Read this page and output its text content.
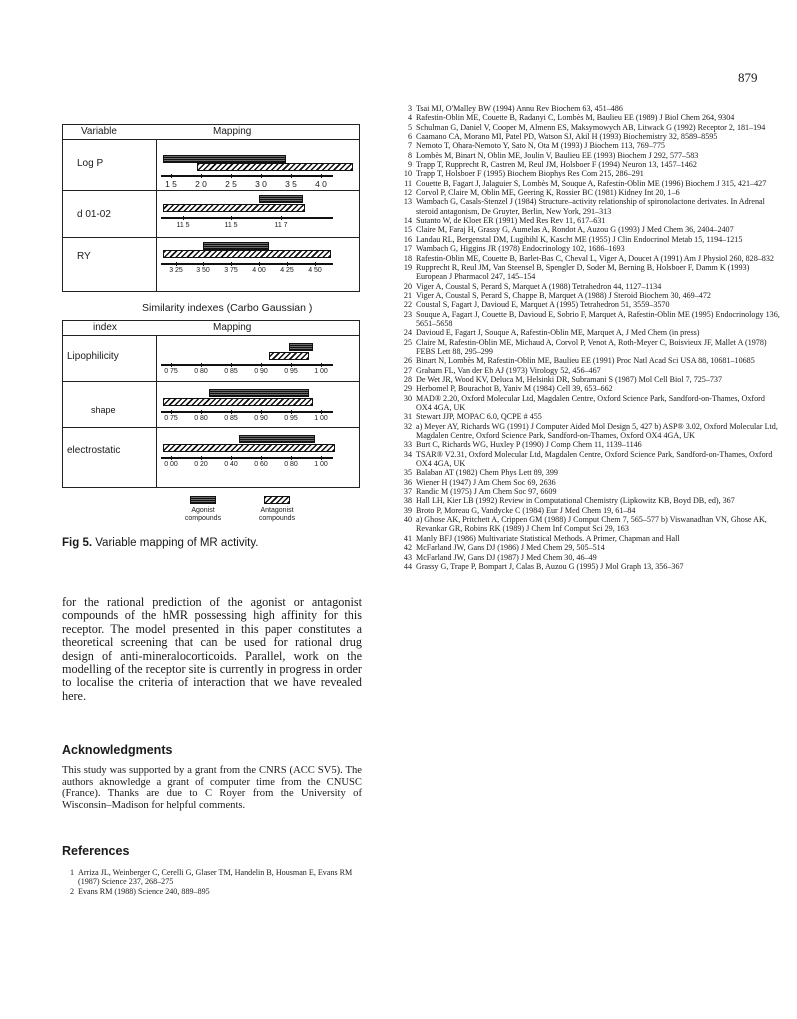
879
Variable	Mapping
Log P
1 5 2 0 2 5 3 0 3 5 4 0
d 01-02
11 5	11 5	11 7
RY
3 25 3 50 3 75 4 00 4 25 4 50
Similarity indexes (Carbo Gaussian )
index	Mapping
Lipophilicity
0 75 0 80 0 85 0 90 0 95 1 00
shape
0 75 0 80 0 85 0 90 0 95 1 00
electrostatic
0 00 0 20 0 40 0 60 0 80 1 00
Agonist compounds
Antagonist compounds
Fig 5. Variable mapping of MR activity.

for the rational prediction of the agonist or antagonist compounds of the hMR possessing high affinity for this receptor. The model presented in this paper constitutes a theoretical screening that can be used for rational drug design of anti-mineralocorticoids. Parallel, work on the modelling of the receptor site is currently in progress in order to localise the criteria of interaction that we have revealed here.

Acknowledgments
This study was supported by a grant from the CNRS (ACC SV5). The authors aknowledge a grant of computer time from the CNUSC (France). Thanks are due to C Royer from the University of Wisconsin–Madison for helpful comments.
References
1 Arriza JL, Weinberger C, Cerelli G, Glaser TM, Handelin B, Housman E, Evans RM (1987) Science 237, 268–275
2 Evans RM (1988) Science 240, 889–895
3 Tsai MJ, O'Malley BW (1994) Annu Rev Biochem 63, 451–486
4 Rafestin-Oblin ME, Couette B, Radanyi C, Lombès M, Baulieu EE (1989) J Biol Chem 264, 9304
5 Schulman G, Daniel V, Cooper M, Almenn ES, Maksymowych AB, Litwack G (1992) Receptor 2, 181–194
6 Caamano CA, Morano MI, Patel PD, Watson SJ, Akil H (1993) Biochemistry 32, 8589–8595
7 Nemoto T, Ohara-Nemoto Y, Sato N, Ota M (1993) J Biochem 113, 769–775
8 Lombès M, Binart N, Oblin ME, Joulin V, Baulieu EE (1993) Biochem J 292, 577–583
9 Trapp T, Rupprecht R, Castren M, Reul JM, Holsboer F (1994) Neuron 13, 1457–1462
10 Trapp T, Holsboer F (1995) Biochem Biophys Res Com 215, 286–291
11 Couette B, Fagart J, Jalaguier S, Lombès M, Souque A, Rafestin-Oblin ME (1996) Biochem J 315, 421–427
12 Corvol P, Claire M, Oblin ME, Geering K, Rossier BC (1981) Kidney Int 20, 1–6
13 Wambach G, Casals-Stenzel J (1984) Structure–activity relationship of spironolactone derivates. In Adrenal steroid antagonism, De Gruyter, Berlin, New York, 291–313
14 Sutanto W, de Kloet ER (1991) Med Res Rev 11, 617–631
15 Claire M, Faraj H, Grassy G, Aumelas A, Rondot A, Auzou G (1993) J Med Chem 36, 2404–2407
16 Landau RL, Bergenstal DM, Lugibihl K, Kascht ME (1955) J Clin Endocrinol Metab 15, 1194–1215
17 Wambach G, Higgins JR (1978) Endocrinology 102, 1686–1693
18 Rafestin-Oblin ME, Couette B, Barlet-Bas C, Cheval L, Viger A, Doucet A (1991) Am J Physiol 260, 828–832
19 Rupprecht R, Reul JM, Van Steensel B, Spengler D, Soder M, Berning B, Holsboer F, Damm K (1993) European J Pharmacol 247, 145–154
20 Viger A, Coustal S, Perard S, Marquet A (1988) Tetrahedron 44, 1127–1134
21 Viger A, Coustal S, Perard S, Chappe B, Marquet A (1988) J Steroid Biochem 30, 469–472
22 Coustal S, Fagart J, Davioud E, Marquet A (1995) Tetrahedron 51, 3559–3570
23 Souque A, Fagart J, Couette B, Davioud E, Sobrio F, Marquet A, Rafestin-Oblin ME (1995) Endocrinology 136, 5651–5658
24 Davioud E, Fagart J, Souque A, Rafestin-Oblin ME, Marquet A, J Med Chem (in press)
25 Claire M, Rafestin-Oblin ME, Michaud A, Corvol P, Venot A, Roth-Meyer C, Boisvieux JF, Mallet A (1978) FEBS Lett 88, 295–299
26 Binart N, Lombès M, Rafestin-Oblin ME, Baulieu EE (1991) Proc Natl Acad Sci USA 88, 10681–10685
27 Graham FL, Van der Eb AJ (1973) Virology 52, 456–467
28 De Wet JR, Wood KV, Deluca M, Helsinki DR, Subramani S (1987) Mol Cell Biol 7, 725–737
29 Herbomel P, Bourachot B, Yaniv M (1984) Cell 39, 653–662
30 MAD® 2.20, Oxford Molecular Ltd, Magdalen Centre, Oxford Science Park, Sandford-on-Thames, Oxford OX4 4GA, UK
31 Stewart JJP, MOPAC 6.0, QCPE # 455
32 a) Meyer AY, Richards WG (1991) J Computer Aided Mol Design 5, 427 b) ASP® 3.02, Oxford Molecular Ltd, Magdalen Centre, Oxford Science Park, Sandford-on-Thames, Oxford OX4 4GA, UK
33 Burt C, Richards WG, Huxley P (1990) J Comp Chem 11, 1139–1146
34 TSAR® V2.31, Oxford Molecular Ltd, Magdalen Centre, Oxford Science Park, Sandford-on-Thames, Oxford OX4 4GA, UK
35 Balaban AT (1982) Chem Phys Lett 89, 399
36 Wiener H (1947) J Am Chem Soc 69, 2636
37 Randic M (1975) J Am Chem Soc 97, 6609
38 Hall LH, Kier LB (1992) Review in Computational Chemistry (Lipkowitz KB, Boyd DB, ed), 367
39 Broto P, Moreau G, Vandycke C (1984) Eur J Med Chem 19, 61–84
40 a) Ghose AK, Pritchett A, Crippen GM (1988) J Comput Chem 7, 565–577 b) Viswanadhan VN, Ghose AK, Revankar GR, Robins RK (1989) J Chem Inf Comput Sci 29, 163
41 Manly BFJ (1986) Multivariate Statistical Methods. A Primer, Chapman and Hall
42 McFarland JW, Gans DJ (1986) J Med Chem 29, 505–514
43 McFarland JW, Gans DJ (1987) J Med Chem 30, 46–49
44 Grassy G, Trape P, Bompart J, Calas B, Auzou G (1995) J Mol Graph 13, 356–367
